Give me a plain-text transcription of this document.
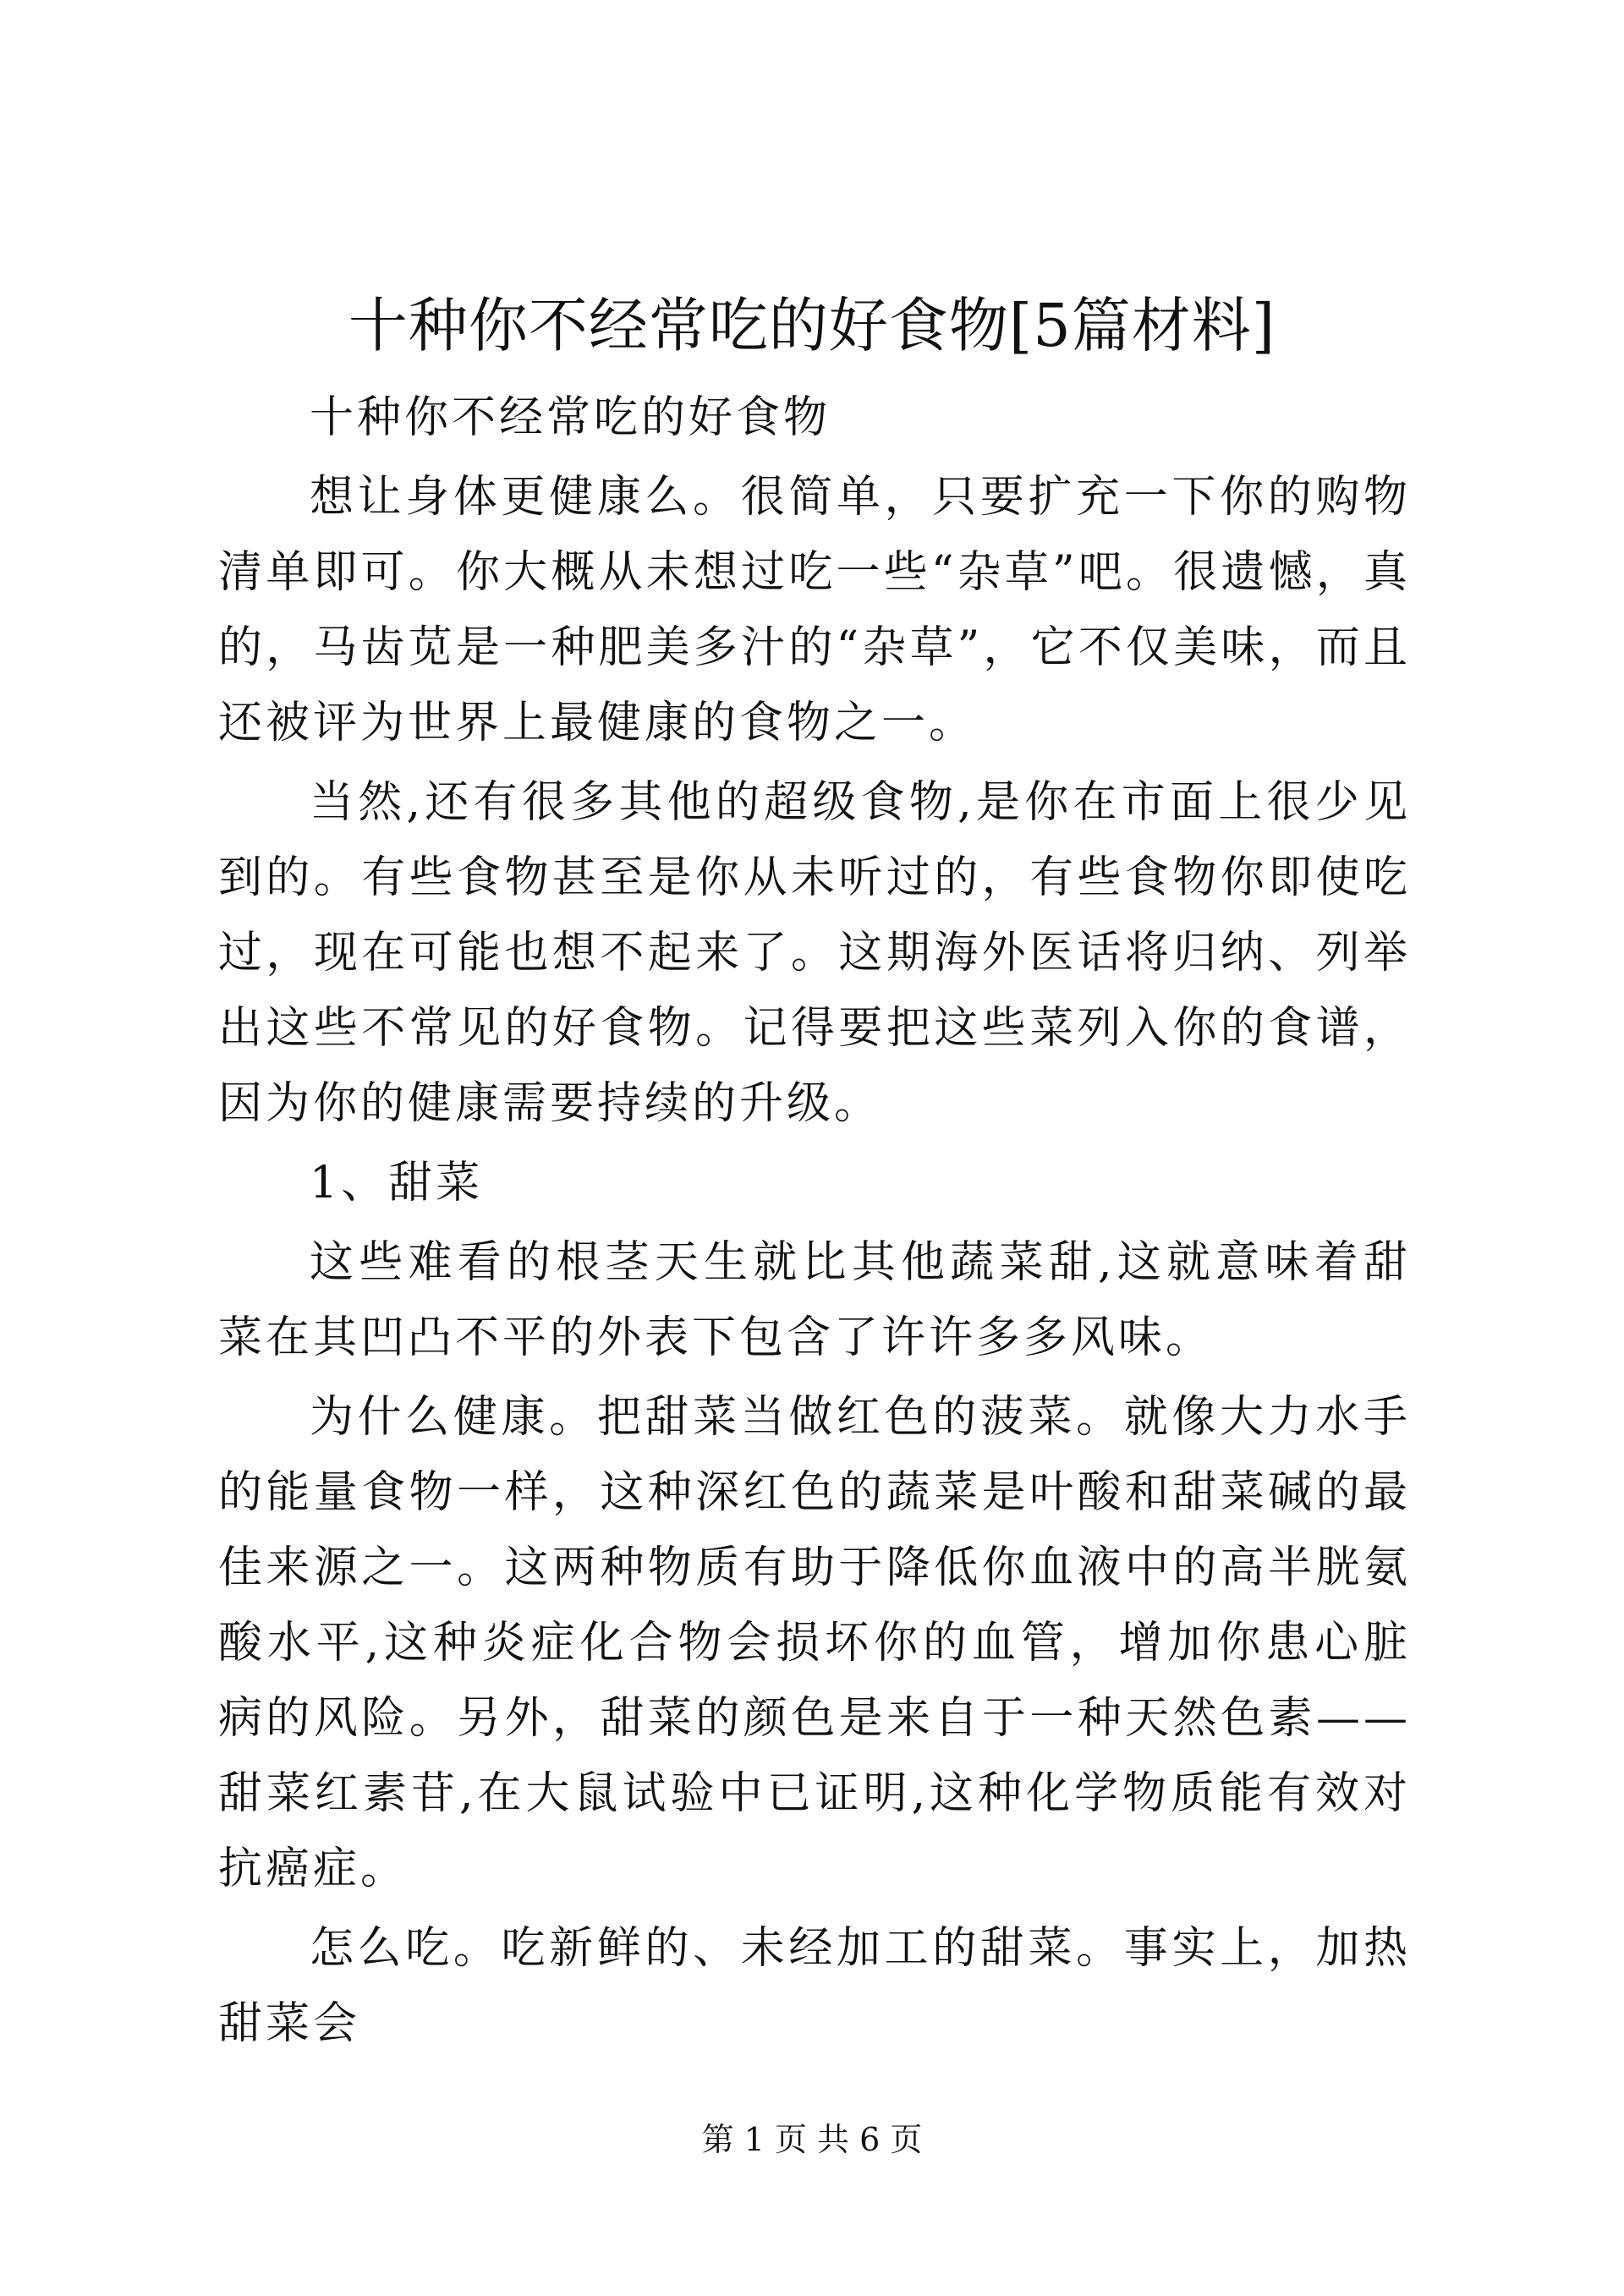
十种你不经常吃的好食物[5篇材料]

十种你不经常吃的好食物

想让身体更健康么。很简单，只要扩充一下你的购物清单即可。你大概从未想过吃一些“杂草”吧。很遗憾，真的，马齿苋是一种肥美多汁的“杂草”，它不仅美味，而且还被评为世界上最健康的食物之一。

当然,还有很多其他的超级食物,是你在市面上很少见到的。有些食物甚至是你从未听过的，有些食物你即使吃过，现在可能也想不起来了。这期海外医话将归纳、列举出这些不常见的好食物。记得要把这些菜列入你的食谱，因为你的健康需要持续的升级。

1、甜菜

这些难看的根茎天生就比其他蔬菜甜,这就意味着甜菜在其凹凸不平的外表下包含了许许多多风味。

为什么健康。把甜菜当做红色的菠菜。就像大力水手的能量食物一样，这种深红色的蔬菜是叶酸和甜菜碱的最佳来源之一。这两种物质有助于降低你血液中的高半胱氨酸水平,这种炎症化合物会损坏你的血管，增加你患心脏病的风险。另外，甜菜的颜色是来自于一种天然色素——甜菜红素苷,在大鼠试验中已证明,这种化学物质能有效对抗癌症。

怎么吃。吃新鲜的、未经加工的甜菜。事实上，加热甜菜会

第 1 页 共 6 页
